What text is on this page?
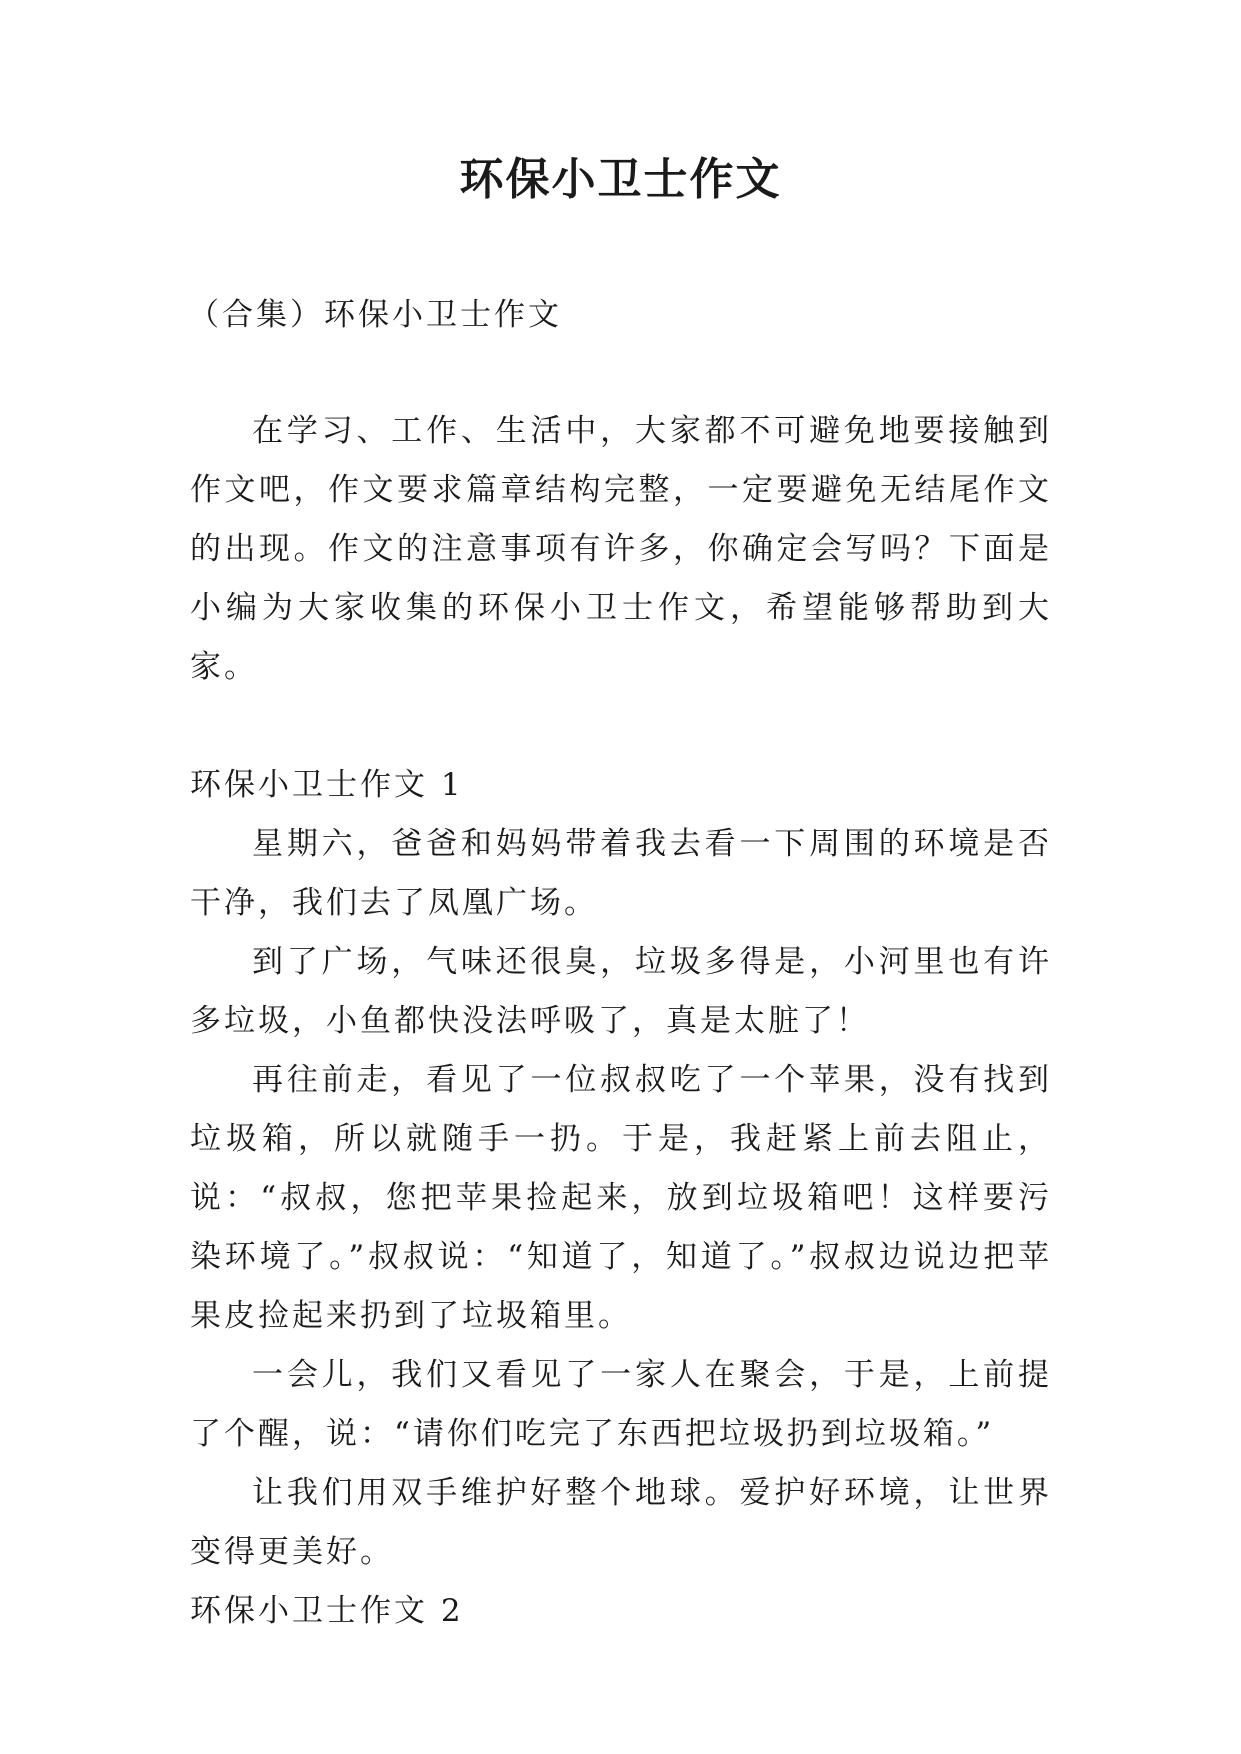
环保小卫士作文
（合集）环保小卫士作文

在学习、工作、生活中，大家都不可避免地要接触到作文吧，作文要求篇章结构完整，一定要避免无结尾作文的出现。作文的注意事项有许多，你确定会写吗？下面是小编为大家收集的环保小卫士作文，希望能够帮助到大家。

环保小卫士作文 1

星期六，爸爸和妈妈带着我去看一下周围的环境是否干净，我们去了凤凰广场。

到了广场，气味还很臭，垃圾多得是，小河里也有许多垃圾，小鱼都快没法呼吸了，真是太脏了！

再往前走，看见了一位叔叔吃了一个苹果，没有找到垃圾箱，所以就随手一扔。于是，我赶紧上前去阻止，说：“叔叔，您把苹果捡起来，放到垃圾箱吧！这样要污染环境了。”叔叔说：“知道了，知道了。”叔叔边说边把苹果皮捡起来扔到了垃圾箱里。

一会儿，我们又看见了一家人在聚会，于是，上前提了个醒，说：“请你们吃完了东西把垃圾扔到垃圾箱。”

让我们用双手维护好整个地球。爱护好环境，让世界变得更美好。

环保小卫士作文 2
